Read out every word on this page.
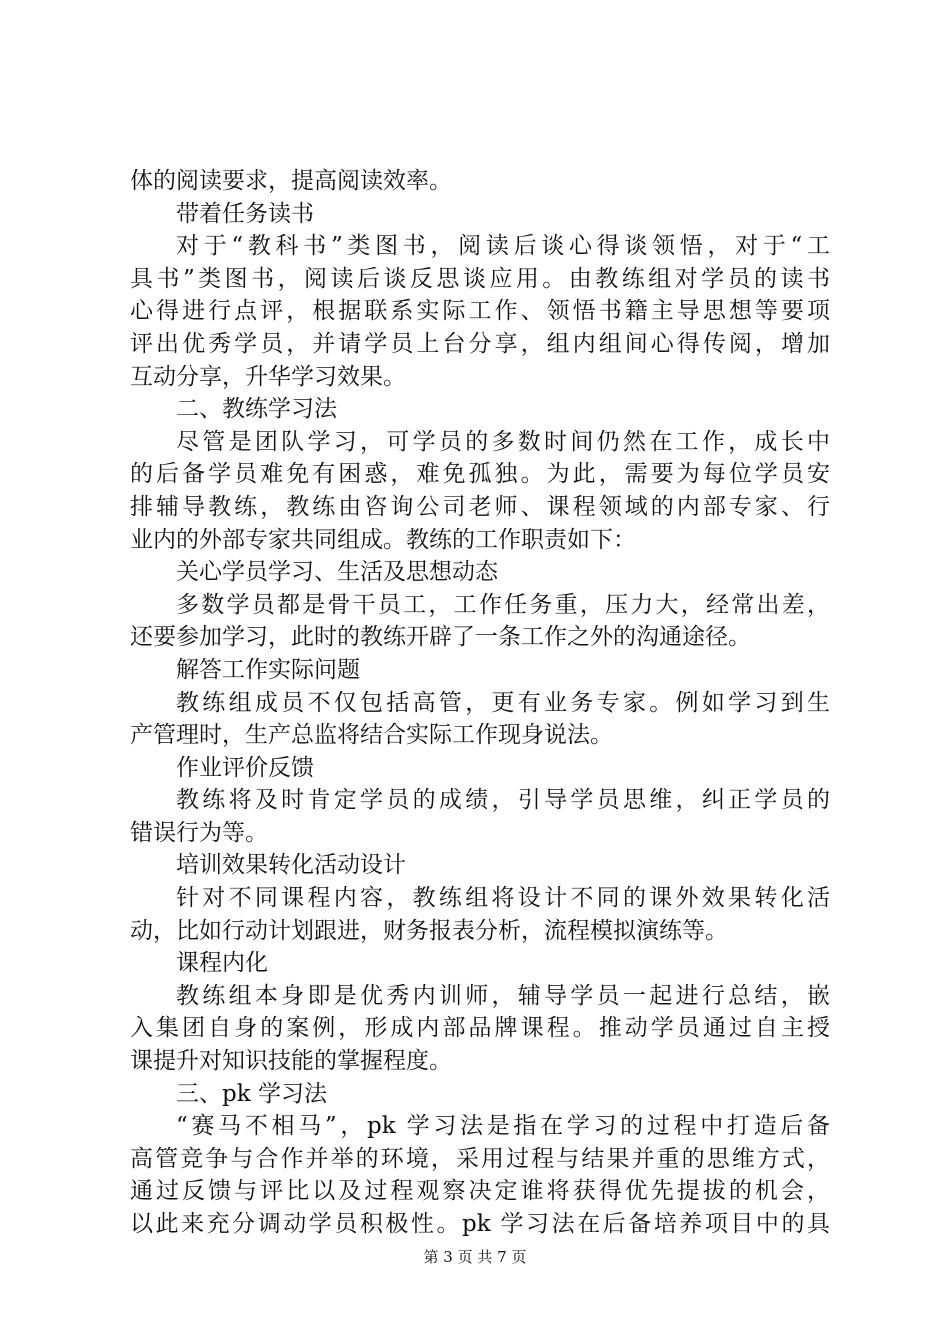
体的阅读要求，提高阅读效率。
带着任务读书
对于“教科书”类图书，阅读后谈心得谈领悟，对于“工
具书”类图书，阅读后谈反思谈应用。由教练组对学员的读书
心得进行点评，根据联系实际工作、领悟书籍主导思想等要项
评出优秀学员，并请学员上台分享，组内组间心得传阅，增加
互动分享，升华学习效果。
二、教练学习法
尽管是团队学习，可学员的多数时间仍然在工作，成长中
的后备学员难免有困惑，难免孤独。为此，需要为每位学员安
排辅导教练，教练由咨询公司老师、课程领域的内部专家、行
业内的外部专家共同组成。教练的工作职责如下：
关心学员学习、生活及思想动态
多数学员都是骨干员工，工作任务重，压力大，经常出差，
还要参加学习，此时的教练开辟了一条工作之外的沟通途径。
解答工作实际问题
教练组成员不仅包括高管，更有业务专家。例如学习到生
产管理时，生产总监将结合实际工作现身说法。
作业评价反馈
教练将及时肯定学员的成绩，引导学员思维，纠正学员的
错误行为等。
培训效果转化活动设计
针对不同课程内容，教练组将设计不同的课外效果转化活
动，比如行动计划跟进，财务报表分析，流程模拟演练等。
课程内化
教练组本身即是优秀内训师，辅导学员一起进行总结，嵌
入集团自身的案例，形成内部品牌课程。推动学员通过自主授
课提升对知识技能的掌握程度。
三、pk 学习法
“赛马不相马”，pk 学习法是指在学习的过程中打造后备
高管竞争与合作并举的环境，采用过程与结果并重的思维方式，
通过反馈与评比以及过程观察决定谁将获得优先提拔的机会，
以此来充分调动学员积极性。pk 学习法在后备培养项目中的具
第 3 页 共 7 页
